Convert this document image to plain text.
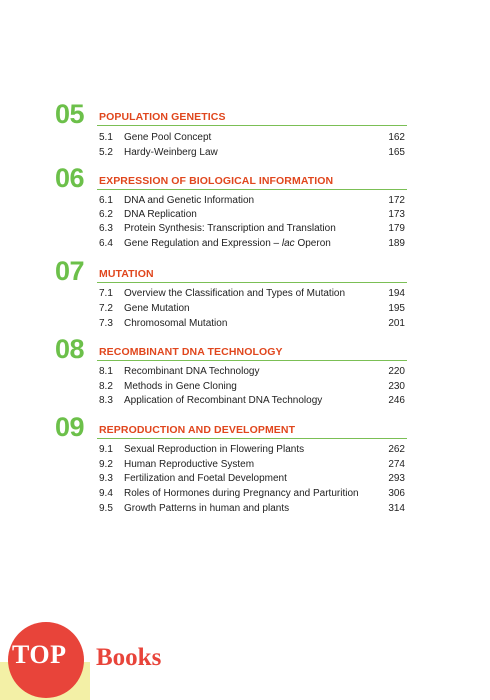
05 POPULATION GENETICS
5.1	Gene Pool Concept	162
5.2	Hardy-Weinberg Law	165
06 EXPRESSION OF BIOLOGICAL INFORMATION
6.1	DNA and Genetic Information	172
6.2	DNA Replication	173
6.3	Protein Synthesis: Transcription and Translation	179
6.4	Gene Regulation and Expression – lac Operon	189
07 MUTATION
7.1	Overview the Classification and Types of Mutation	194
7.2	Gene Mutation	195
7.3	Chromosomal Mutation	201
08 RECOMBINANT DNA TECHNOLOGY
8.1	Recombinant DNA Technology	220
8.2	Methods in Gene Cloning	230
8.3	Application of Recombinant DNA Technology	246
09 REPRODUCTION AND DEVELOPMENT
9.1	Sexual Reproduction in Flowering Plants	262
9.2	Human Reproductive System	274
9.3	Fertilization and Foetal Development	293
9.4	Roles of Hormones during Pregnancy and Parturition	306
9.5	Growth Patterns in human and plants	314
TOP Books
